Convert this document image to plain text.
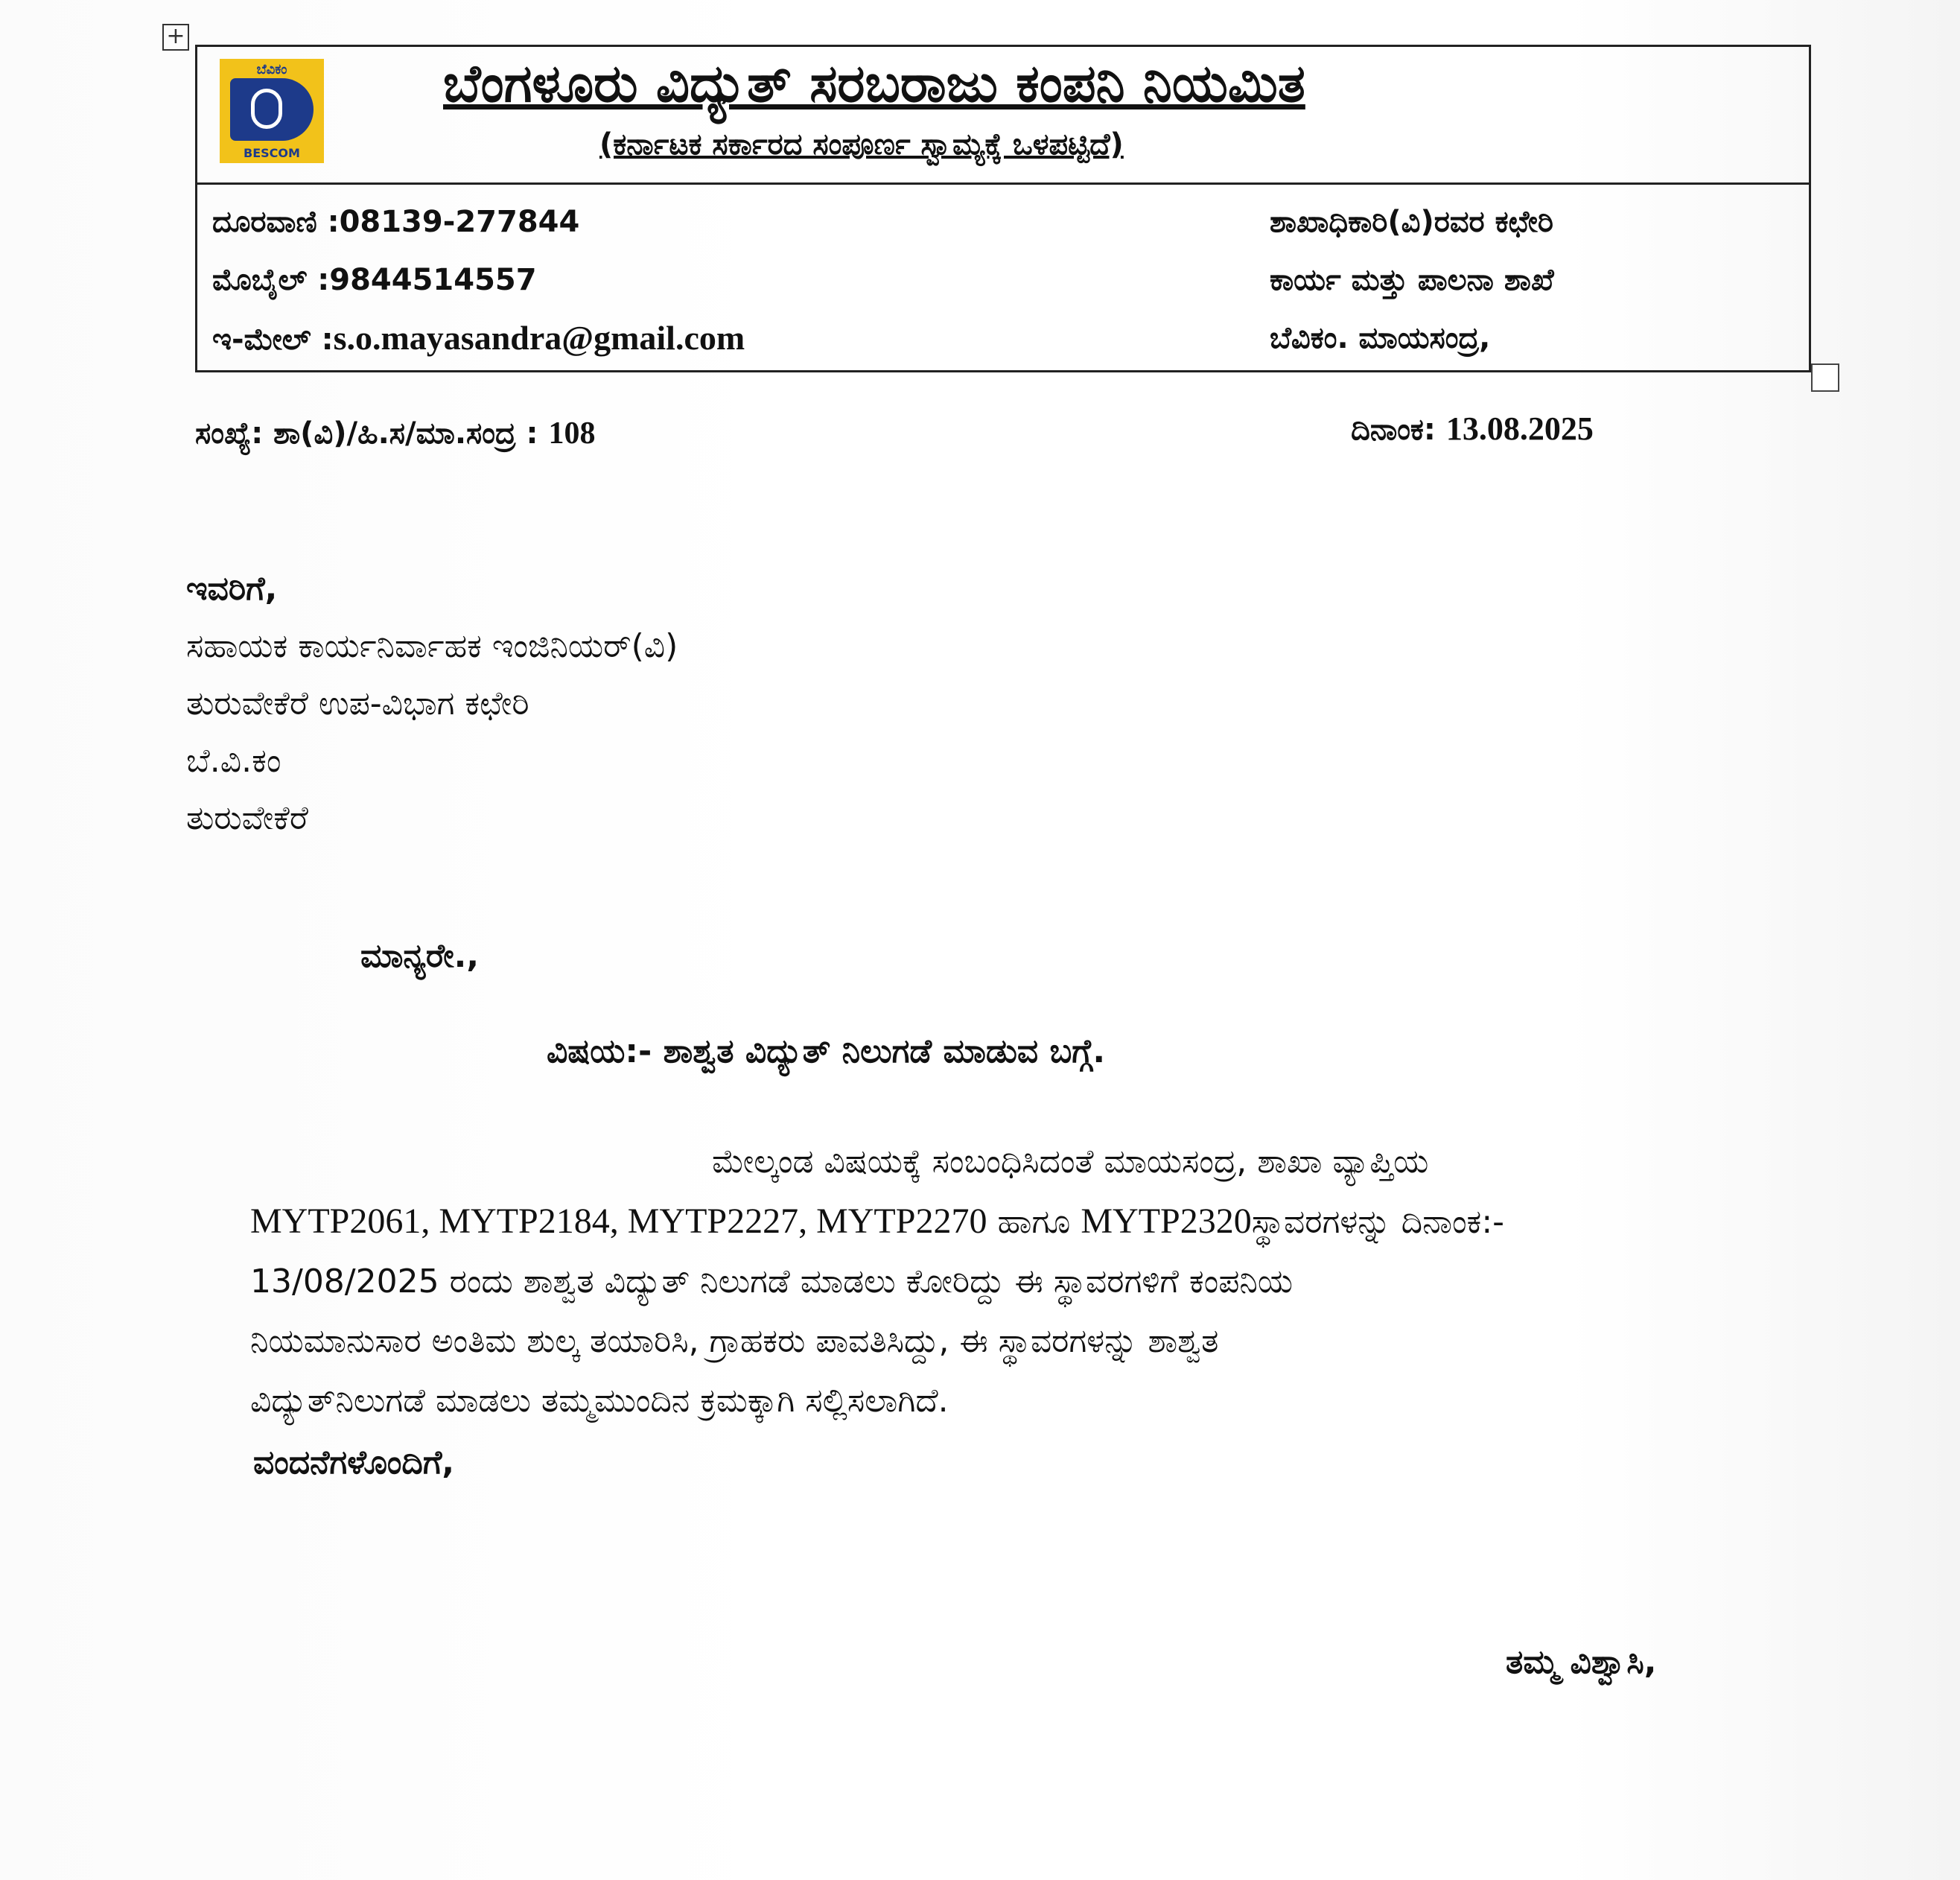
+
ಬೆವಿಕಂ
BESCOM
ಬೆಂಗಳೂರು ವಿದ್ಯುತ್ ಸರಬರಾಜು ಕಂಪನಿ ನಿಯಮಿತ
(ಕರ್ನಾಟಕ ಸರ್ಕಾರದ ಸಂಪೂರ್ಣ ಸ್ವಾಮ್ಯಕ್ಕೆ ಒಳಪಟ್ಟಿದೆ)
ದೂರವಾಣಿ :08139-277844
ಮೊಬೈಲ್ :9844514557
ಇ-ಮೇಲ್ :s.o.mayasandra@gmail.com
ಶಾಖಾಧಿಕಾರಿ(ವಿ)ರವರ ಕಛೇರಿ
ಕಾರ್ಯ ಮತ್ತು ಪಾಲನಾ ಶಾಖೆ
ಬೆವಿಕಂ. ಮಾಯಸಂದ್ರ,
ಸಂಖ್ಯೆ: ಶಾ(ವಿ)/ಹಿ.ಸ/ಮಾ.ಸಂದ್ರ : 108	ದಿನಾಂಕ: 13.08.2025
ಇವರಿಗೆ,
ಸಹಾಯಕ ಕಾರ್ಯನಿರ್ವಾಹಕ ಇಂಜಿನಿಯರ್(ವಿ)
ತುರುವೇಕೆರೆ ಉಪ-ವಿಭಾಗ ಕಛೇರಿ
ಬೆ.ವಿ.ಕಂ
ತುರುವೇಕೆರೆ
ಮಾನ್ಯರೇ.,
ವಿಷಯ:- ಶಾಶ್ವತ ವಿದ್ಯುತ್ ನಿಲುಗಡೆ ಮಾಡುವ ಬಗ್ಗೆ.
ಮೇಲ್ಕಂಡ ವಿಷಯಕ್ಕೆ ಸಂಬಂಧಿಸಿದಂತೆ ಮಾಯಸಂದ್ರ, ಶಾಖಾ ವ್ಯಾಪ್ತಿಯ
MYTP2061, MYTP2184, MYTP2227, MYTP2270 ಹಾಗೂ MYTP2320ಸ್ಥಾವರಗಳನ್ನು ದಿನಾಂಕ:-
13/08/2025 ರಂದು ಶಾಶ್ವತ ವಿದ್ಯುತ್ ನಿಲುಗಡೆ ಮಾಡಲು ಕೋರಿದ್ದು ಈ ಸ್ಥಾವರಗಳಿಗೆ ಕಂಪನಿಯ
ನಿಯಮಾನುಸಾರ ಅಂತಿಮ ಶುಲ್ಕ ತಯಾರಿಸಿ, ಗ್ರಾಹಕರು ಪಾವತಿಸಿದ್ದು, ಈ ಸ್ಥಾವರಗಳನ್ನು ಶಾಶ್ವತ
ವಿದ್ಯುತ್‌ನಿಲುಗಡೆ ಮಾಡಲು ತಮ್ಮಮುಂದಿನ ಕ್ರಮಕ್ಕಾಗಿ ಸಲ್ಲಿಸಲಾಗಿದೆ.
ವಂದನೆಗಳೊಂದಿಗೆ,
ತಮ್ಮ ವಿಶ್ವಾಸಿ,
